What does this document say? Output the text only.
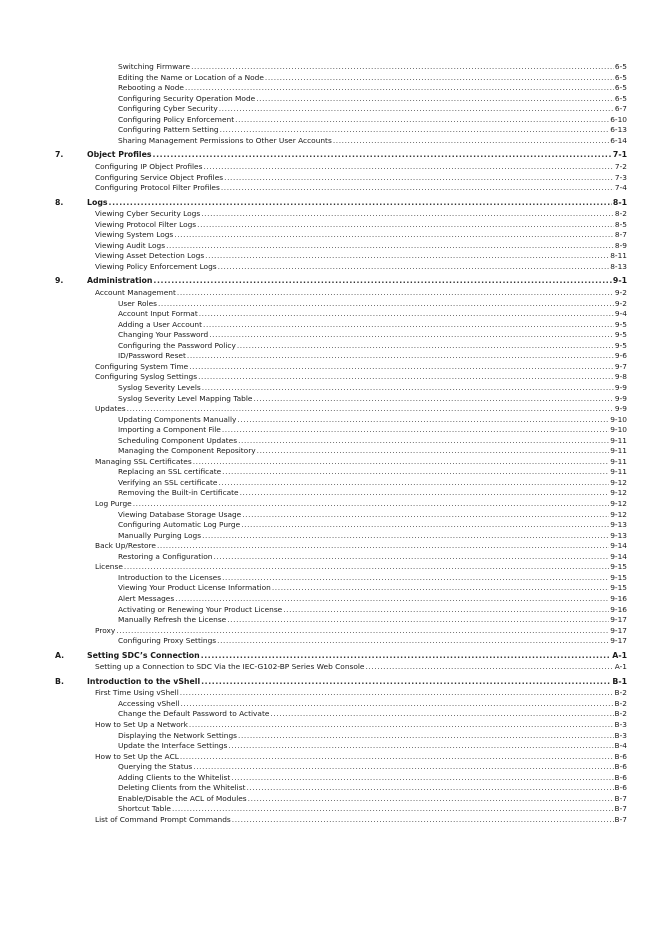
Switching Firmware .....	6-5
Editing the Name or Location of a Node .....	6-5
Rebooting a Node .....	6-5
Configuring Security Operation Mode .....	6-5
Configuring Cyber Security .....	6-7
Configuring Policy Enforcement .....	6-10
Configuring Pattern Setting .....	6-13
Sharing Management Permissions to Other User Accounts .....	6-14
7.	Object Profiles .....	7-1
Configuring IP Object Profiles .....	7-2
Configuring Service Object Profiles .....	7-3
Configuring Protocol Filter Profiles .....	7-4
8.	Logs .....	8-1
Viewing Cyber Security Logs .....	8-2
Viewing Protocol Filter Logs .....	8-5
Viewing System Logs .....	8-7
Viewing Audit Logs .....	8-9
Viewing Asset Detection Logs .....	8-11
Viewing Policy Enforcement Logs .....	8-13
9.	Administration .....	9-1
Account Management .....	9-2
User Roles .....	9-2
Account Input Format .....	9-4
Adding a User Account .....	9-5
Changing Your Password .....	9-5
Configuring the Password Policy .....	9-5
ID/Password Reset .....	9-6
Configuring System Time .....	9-7
Configuring Syslog Settings .....	9-8
Syslog Severity Levels .....	9-9
Syslog Severity Level Mapping Table .....	9-9
Updates .....	9-9
Updating Components Manually .....	9-10
Importing a Component File .....	9-10
Scheduling Component Updates .....	9-11
Managing the Component Repository .....	9-11
Managing SSL Certificates .....	9-11
Replacing an SSL certificate .....	9-11
Verifying an SSL certificate .....	9-12
Removing the Built-in Certificate .....	9-12
Log Purge .....	9-12
Viewing Database Storage Usage .....	9-12
Configuring Automatic Log Purge .....	9-13
Manually Purging Logs .....	9-13
Back Up/Restore .....	9-14
Restoring a Configuration .....	9-14
License .....	9-15
Introduction to the Licenses .....	9-15
Viewing Your Product License Information .....	9-15
Alert Messages .....	9-16
Activating or Renewing Your Product License .....	9-16
Manually Refresh the License .....	9-17
Proxy .....	9-17
Configuring Proxy Settings .....	9-17
A.	Setting SDC’s Connection .....	A-1
Setting up a Connection to SDC Via the IEC-G102-BP Series Web Console .....	A-1
B.	Introduction to the vShell .....	B-1
First Time Using vShell .....	B-2
Accessing vShell .....	B-2
Change the Default Password to Activate .....	B-2
How to Set Up a Network .....	B-3
Displaying the Network Settings .....	B-3
Update the Interface Settings .....	B-4
How to Set Up the ACL .....	B-6
Querying the Status .....	B-6
Adding Clients to the Whitelist .....	B-6
Deleting Clients from the Whitelist .....	B-6
Enable/Disable the ACL of Modules .....	B-7
Shortcut Table .....	B-7
List of Command Prompt Commands .....	B-7
